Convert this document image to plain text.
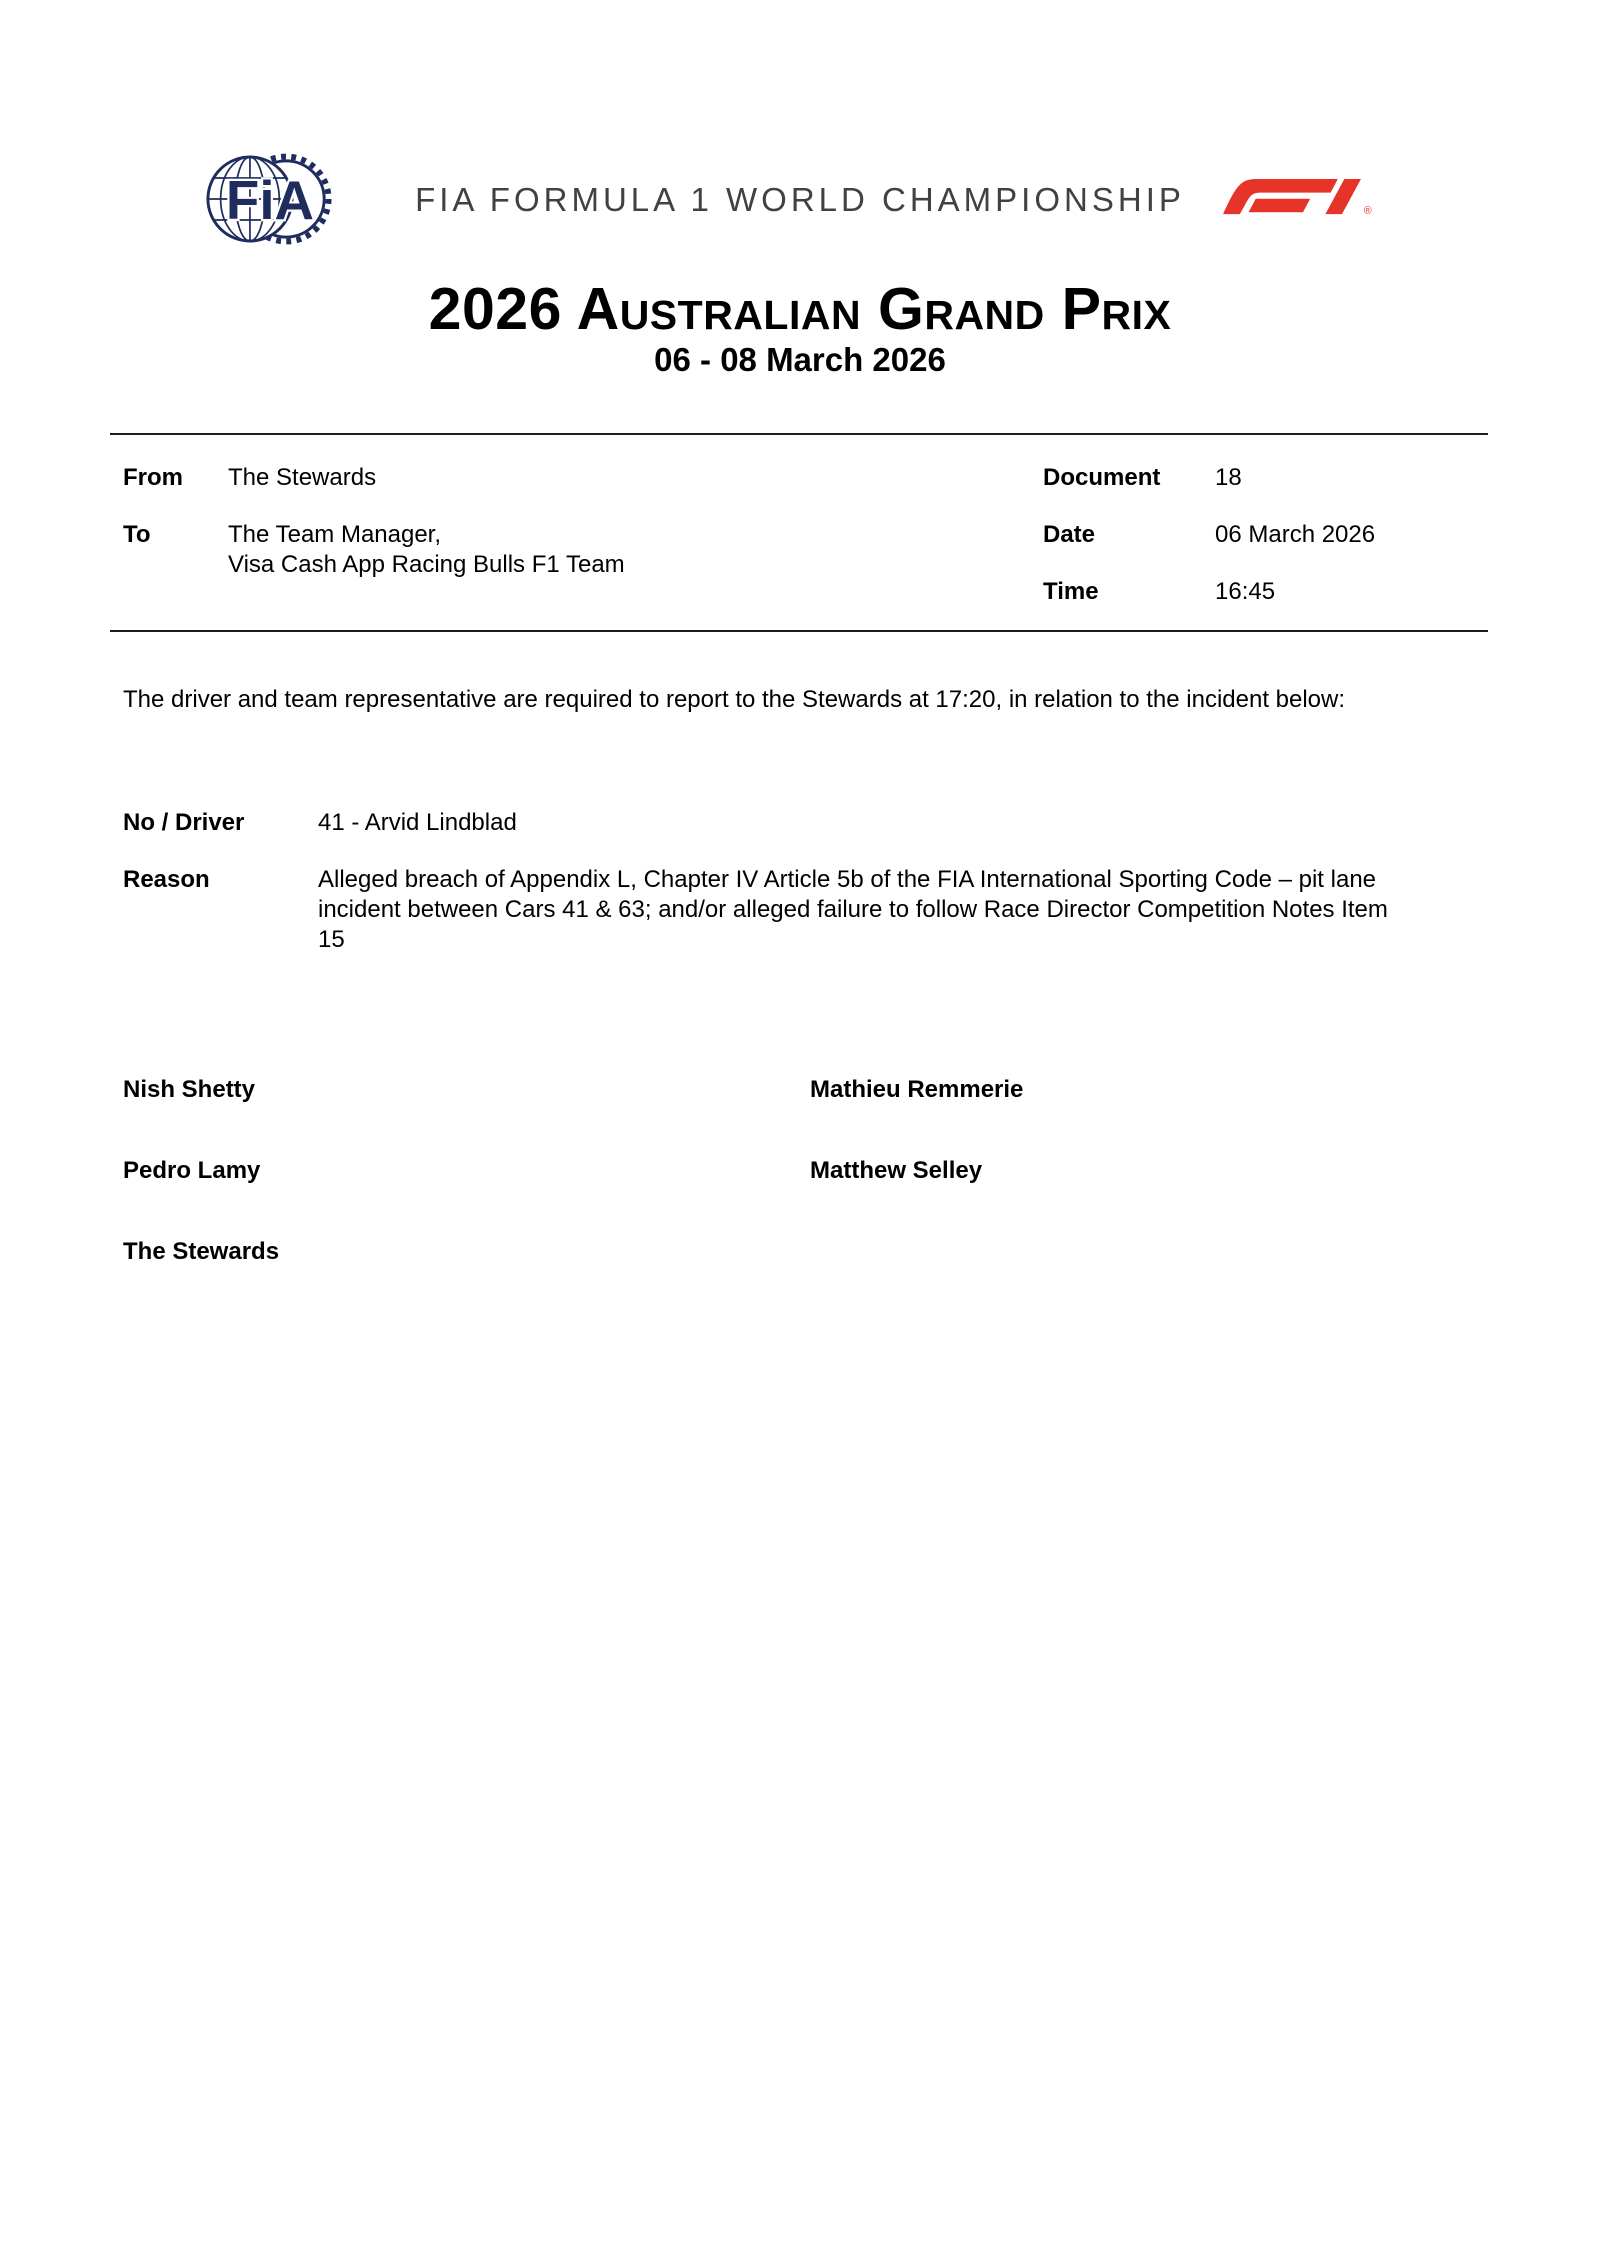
FiA	FIA FORMULA 1 WORLD CHAMPIONSHIP	®
2026 Australian Grand Prix
06 - 08 March 2026
From	The Stewards
To	The Team Manager,
Visa Cash App Racing Bulls F1 Team
Document	18
Date	06 March 2026
Time	16:45

The driver and team representative are required to report to the Stewards at 17:20, in relation to the incident below:

No / Driver	41 - Arvid Lindblad
Reason	Alleged breach of Appendix L, Chapter IV Article 5b of the FIA International Sporting Code – pit lane incident between Cars 41 & 63; and/or alleged failure to follow Race Director Competition Notes Item 15
Nish Shetty	Mathieu Remmerie
Pedro Lamy	Matthew Selley
The Stewards
